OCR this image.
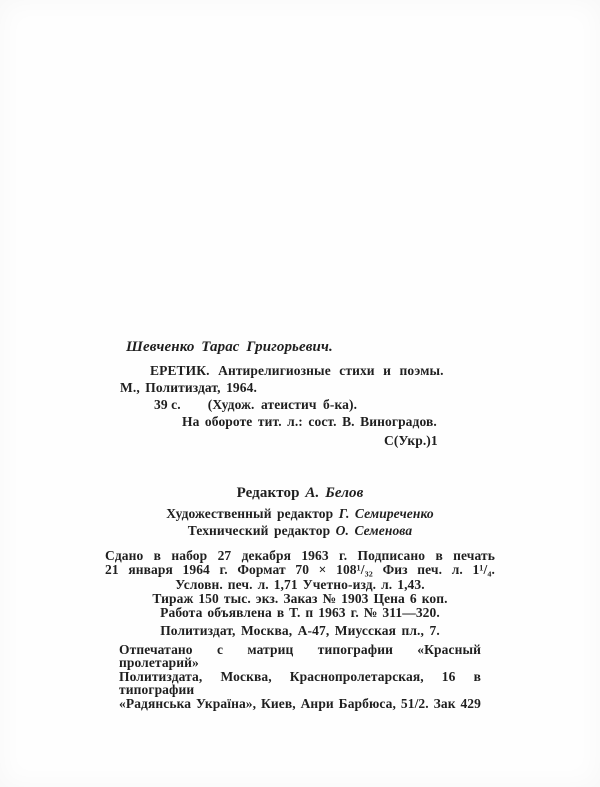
Шевченко Тарас Григорьевич.
ЕРЕТИК. Антирелигиозные стихи и поэмы.
М., Политиздат, 1964.
39 с. (Худож. атеистич б-ка).
На обороте тит. л.: сост. В. Виноградов.
С(Укр.)1
Редактор А. Белов
Художественный редактор Г. Семиреченко
Технический редактор О. Семенова
Сдано в набор 27 декабря 1963 г. Подписано в печать
21 января 1964 г. Формат 70 × 108¹/₃₂ Физ печ. л. 1¹/₄.
Условн. печ. л. 1,71 Учетно-изд. л. 1,43.
Тираж 150 тыс. экз. Заказ № 1903 Цена 6 коп.
Работа объявлена в Т. п 1963 г. № 311—320.
Политиздат, Москва, А-47, Миусская пл., 7.
Отпечатано с матриц типографии «Красный пролетарий»
Политиздата, Москва, Краснопролетарская, 16 в типографии
«Радянська Україна», Киев, Анри Барбюса, 51/2. Зак 429
